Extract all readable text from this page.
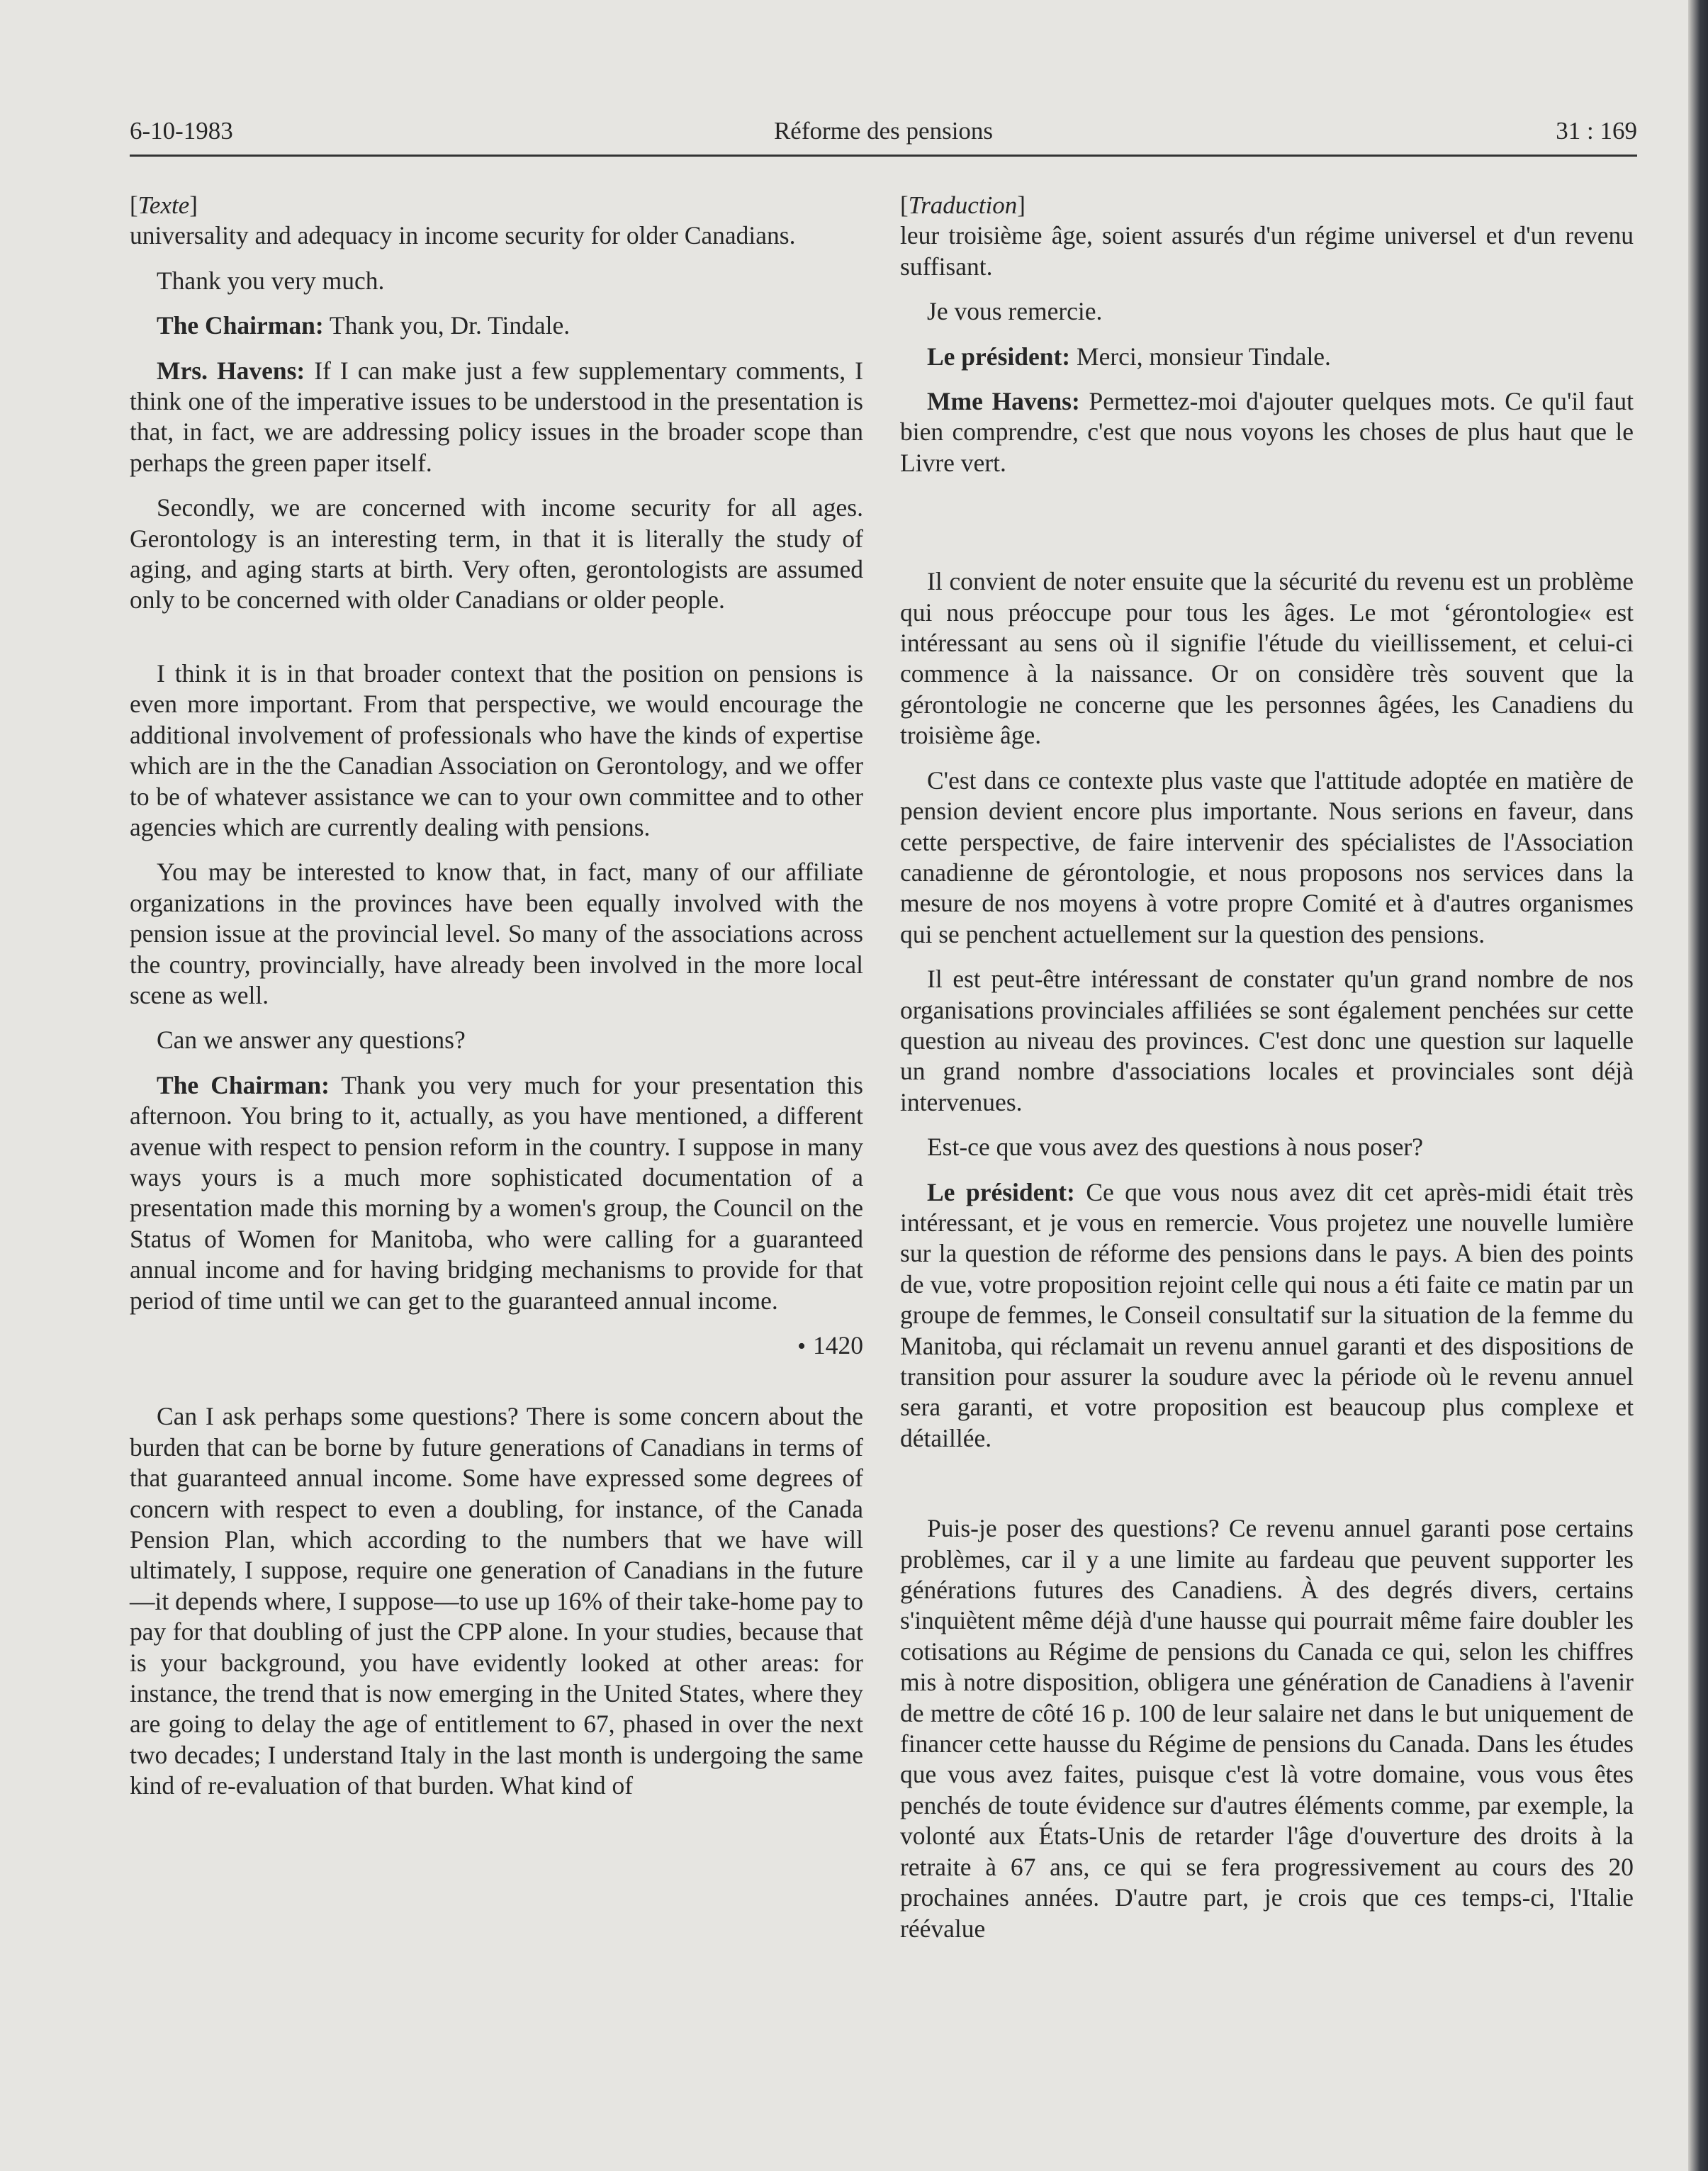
6-10-1983	Réforme des pensions	31 : 169

[Texte]

universality and adequacy in income security for older Canadians.

Thank you very much.

The Chairman: Thank you, Dr. Tindale.

Mrs. Havens: If I can make just a few supplementary comments, I think one of the imperative issues to be understood in the presentation is that, in fact, we are addressing policy issues in the broader scope than perhaps the green paper itself.

Secondly, we are concerned with income security for all ages. Gerontology is an interesting term, in that it is literally the study of aging, and aging starts at birth. Very often, gerontologists are assumed only to be concerned with older Canadians or older people.

I think it is in that broader context that the position on pensions is even more important. From that perspective, we would encourage the additional involvement of professionals who have the kinds of expertise which are in the the Canadian Association on Gerontology, and we offer to be of whatever assistance we can to your own committee and to other agencies which are currently dealing with pensions.

You may be interested to know that, in fact, many of our affiliate organizations in the provinces have been equally involved with the pension issue at the provincial level. So many of the associations across the country, provincially, have already been involved in the more local scene as well.

Can we answer any questions?

The Chairman: Thank you very much for your presentation this afternoon. You bring to it, actually, as you have mentioned, a different avenue with respect to pension reform in the country. I suppose in many ways yours is a much more sophisticated documentation of a presentation made this morning by a women's group, the Council on the Status of Women for Manitoba, who were calling for a guaranteed annual income and for having bridging mechanisms to provide for that period of time until we can get to the guaranteed annual income.

• 1420

Can I ask perhaps some questions? There is some concern about the burden that can be borne by future generations of Canadians in terms of that guaranteed annual income. Some have expressed some degrees of concern with respect to even a doubling, for instance, of the Canada Pension Plan, which according to the numbers that we have will ultimately, I suppose, require one generation of Canadians in the future—it depends where, I suppose—to use up 16% of their take-home pay to pay for that doubling of just the CPP alone. In your studies, because that is your background, you have evidently looked at other areas: for instance, the trend that is now emerging in the United States, where they are going to delay the age of entitlement to 67, phased in over the next two decades; I understand Italy in the last month is undergoing the same kind of re-evaluation of that burden. What kind of

[Traduction]

leur troisième âge, soient assurés d'un régime universel et d'un revenu suffisant.

Je vous remercie.

Le président: Merci, monsieur Tindale.

Mme Havens: Permettez-moi d'ajouter quelques mots. Ce qu'il faut bien comprendre, c'est que nous voyons les choses de plus haut que le Livre vert.

Il convient de noter ensuite que la sécurité du revenu est un problème qui nous préoccupe pour tous les âges. Le mot ‘gérontologie« est intéressant au sens où il signifie l'étude du vieillissement, et celui-ci commence à la naissance. Or on considère très souvent que la gérontologie ne concerne que les personnes âgées, les Canadiens du troisième âge.

C'est dans ce contexte plus vaste que l'attitude adoptée en matière de pension devient encore plus importante. Nous serions en faveur, dans cette perspective, de faire intervenir des spécialistes de l'Association canadienne de gérontologie, et nous proposons nos services dans la mesure de nos moyens à votre propre Comité et à d'autres organismes qui se penchent actuellement sur la question des pensions.

Il est peut-être intéressant de constater qu'un grand nombre de nos organisations provinciales affiliées se sont également penchées sur cette question au niveau des provinces. C'est donc une question sur laquelle un grand nombre d'associations locales et provinciales sont déjà intervenues.

Est-ce que vous avez des questions à nous poser?

Le président: Ce que vous nous avez dit cet après-midi était très intéressant, et je vous en remercie. Vous projetez une nouvelle lumière sur la question de réforme des pensions dans le pays. A bien des points de vue, votre proposition rejoint celle qui nous a éti faite ce matin par un groupe de femmes, le Conseil consultatif sur la situation de la femme du Manitoba, qui réclamait un revenu annuel garanti et des dispositions de transition pour assurer la soudure avec la période où le revenu annuel sera garanti, et votre proposition est beaucoup plus complexe et détaillée.

Puis-je poser des questions? Ce revenu annuel garanti pose certains problèmes, car il y a une limite au fardeau que peuvent supporter les générations futures des Canadiens. À des degrés divers, certains s'inquiètent même déjà d'une hausse qui pourrait même faire doubler les cotisations au Régime de pensions du Canada ce qui, selon les chiffres mis à notre disposition, obligera une génération de Canadiens à l'avenir de mettre de côté 16 p. 100 de leur salaire net dans le but uniquement de financer cette hausse du Régime de pensions du Canada. Dans les études que vous avez faites, puisque c'est là votre domaine, vous vous êtes penchés de toute évidence sur d'autres éléments comme, par exemple, la volonté aux États-Unis de retarder l'âge d'ouverture des droits à la retraite à 67 ans, ce qui se fera progressivement au cours des 20 prochaines années. D'autre part, je crois que ces temps-ci, l'Italie réévalue
